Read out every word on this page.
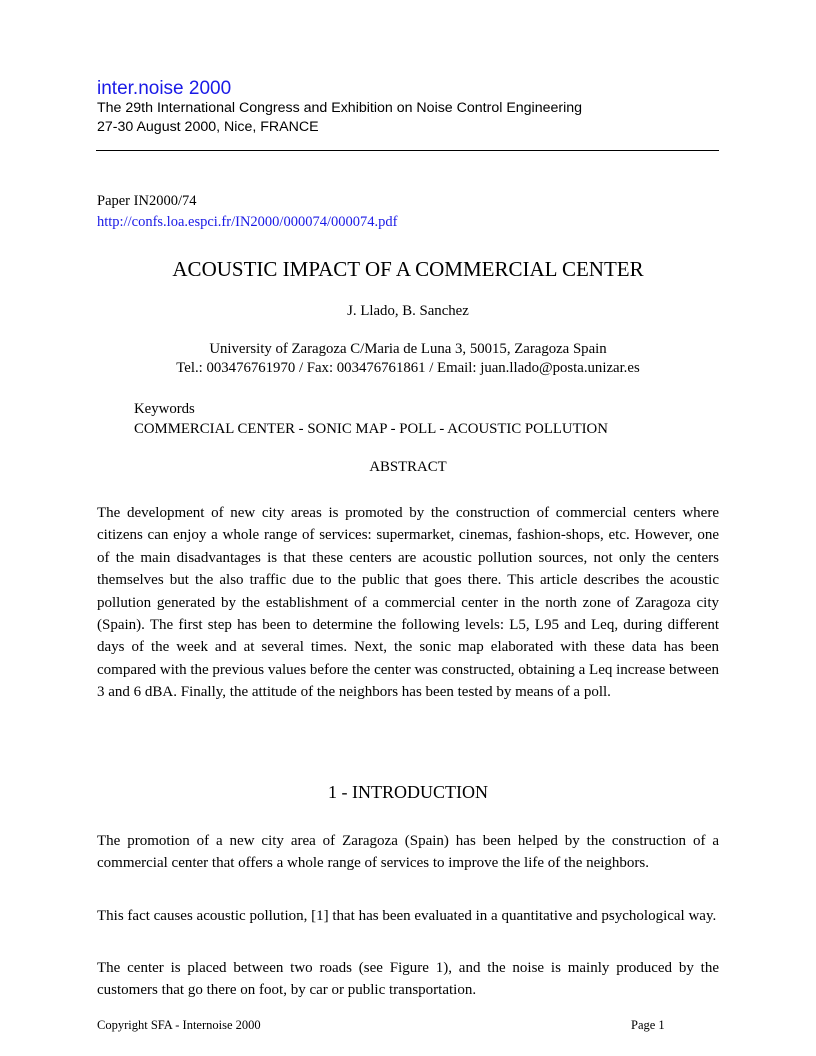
inter.noise 2000
The 29th International Congress and Exhibition on Noise Control Engineering
27-30 August 2000, Nice, FRANCE
Paper IN2000/74
http://confs.loa.espci.fr/IN2000/000074/000074.pdf
ACOUSTIC IMPACT OF A COMMERCIAL CENTER
J. Llado, B. Sanchez
University of Zaragoza C/Maria de Luna 3, 50015, Zaragoza Spain
Tel.: 003476761970 / Fax: 003476761861 / Email: juan.llado@posta.unizar.es
Keywords
COMMERCIAL CENTER - SONIC MAP - POLL - ACOUSTIC POLLUTION
ABSTRACT

The development of new city areas is promoted by the construction of commercial centers where citizens can enjoy a whole range of services: supermarket, cinemas, fashion-shops, etc. However, one of the main disadvantages is that these centers are acoustic pollution sources, not only the centers themselves but the also traffic due to the public that goes there. This article describes the acoustic pollution generated by the establishment of a commercial center in the north zone of Zaragoza city (Spain). The first step has been to determine the following levels: L5, L95 and Leq, during different days of the week and at several times. Next, the sonic map elaborated with these data has been compared with the previous values before the center was constructed, obtaining a Leq increase between 3 and 6 dBA. Finally, the attitude of the neighbors has been tested by means of a poll.

1 - INTRODUCTION

The promotion of a new city area of Zaragoza (Spain) has been helped by the construction of a commercial center that offers a whole range of services to improve the life of the neighbors.

This fact causes acoustic pollution, [1] that has been evaluated in a quantitative and psychological way.

The center is placed between two roads (see Figure 1), and the noise is mainly produced by the customers that go there on foot, by car or public transportation.

Copyright SFA - Internoise 2000	Page 1
